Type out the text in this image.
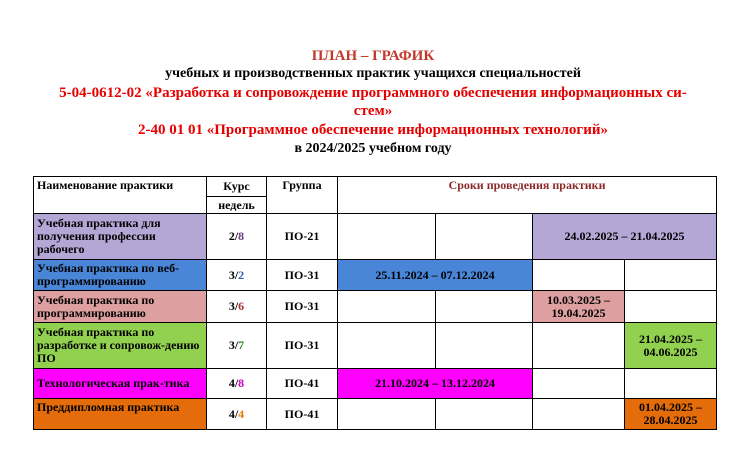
ПЛАН – ГРАФИК
учебных и производственных практик учащихся специальностей
5-04-0612-02 «Разработка и сопровождение программного обеспечения информационных си-
стем»
2-40 01 01 «Программное обеспечение информационных технологий»
в 2024/2025 учебном году
Наименование практики	Курс	Группа	Сроки проведения практики			
	недель					
Учебная практика для получения профессии рабочего	2/8	ПО-21			24.02.2025 – 21.04.2025	
Учебная практика по веб-программированию	3/2	ПО-31	25.11.2024 – 07.12.2024			
Учебная практика по программированию	3/6	ПО-31			10.03.2025 – 19.04.2025	
Учебная практика по разработке и сопровож-дению ПО	3/7	ПО-31				21.04.2025 – 04.06.2025
Технологическая прак-тика	4/8	ПО-41	21.10.2024 – 13.12.2024			
Преддипломная практика	4/4	ПО-41				01.04.2025 – 28.04.2025
